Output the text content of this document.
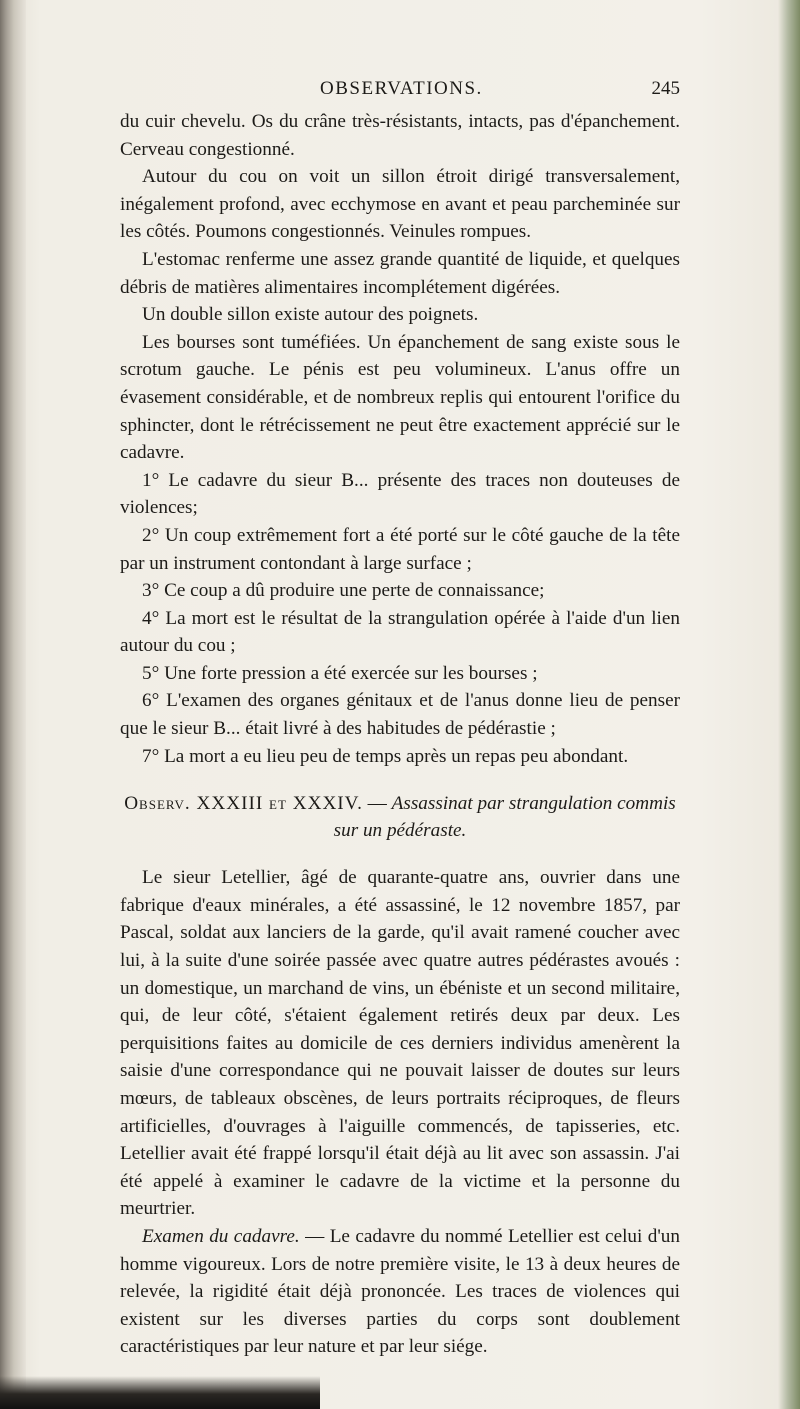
OBSERVATIONS.	245

du cuir chevelu. Os du crâne très-résistants, intacts, pas d'épanchement. Cerveau congestionné.

Autour du cou on voit un sillon étroit dirigé transversalement, inégalement profond, avec ecchymose en avant et peau parcheminée sur les côtés. Poumons congestionnés. Veinules rompues.

L'estomac renferme une assez grande quantité de liquide, et quelques débris de matières alimentaires incomplétement digérées.

Un double sillon existe autour des poignets.

Les bourses sont tuméfiées. Un épanchement de sang existe sous le scrotum gauche. Le pénis est peu volumineux. L'anus offre un évasement considérable, et de nombreux replis qui entourent l'orifice du sphincter, dont le rétrécissement ne peut être exactement apprécié sur le cadavre.

1° Le cadavre du sieur B... présente des traces non douteuses de violences;

2° Un coup extrêmement fort a été porté sur le côté gauche de la tête par un instrument contondant à large surface ;

3° Ce coup a dû produire une perte de connaissance;

4° La mort est le résultat de la strangulation opérée à l'aide d'un lien autour du cou ;

5° Une forte pression a été exercée sur les bourses ;

6° L'examen des organes génitaux et de l'anus donne lieu de penser que le sieur B... était livré à des habitudes de pédérastie ;

7° La mort a eu lieu peu de temps après un repas peu abondant.

Observ. XXXIII et XXXIV. — Assassinat par strangulation commis sur un pédéraste.

Le sieur Letellier, âgé de quarante-quatre ans, ouvrier dans une fabrique d'eaux minérales, a été assassiné, le 12 novembre 1857, par Pascal, soldat aux lanciers de la garde, qu'il avait ramené coucher avec lui, à la suite d'une soirée passée avec quatre autres pédérastes avoués : un domestique, un marchand de vins, un ébéniste et un second militaire, qui, de leur côté, s'étaient également retirés deux par deux. Les perquisitions faites au domicile de ces derniers individus amenèrent la saisie d'une correspondance qui ne pouvait laisser de doutes sur leurs mœurs, de tableaux obscènes, de leurs portraits réciproques, de fleurs artificielles, d'ouvrages à l'aiguille commencés, de tapisseries, etc. Letellier avait été frappé lorsqu'il était déjà au lit avec son assassin. J'ai été appelé à examiner le cadavre de la victime et la personne du meurtrier.

Examen du cadavre. — Le cadavre du nommé Letellier est celui d'un homme vigoureux. Lors de notre première visite, le 13 à deux heures de relevée, la rigidité était déjà prononcée. Les traces de violences qui existent sur les diverses parties du corps sont doublement caractéristiques par leur nature et par leur siége.
